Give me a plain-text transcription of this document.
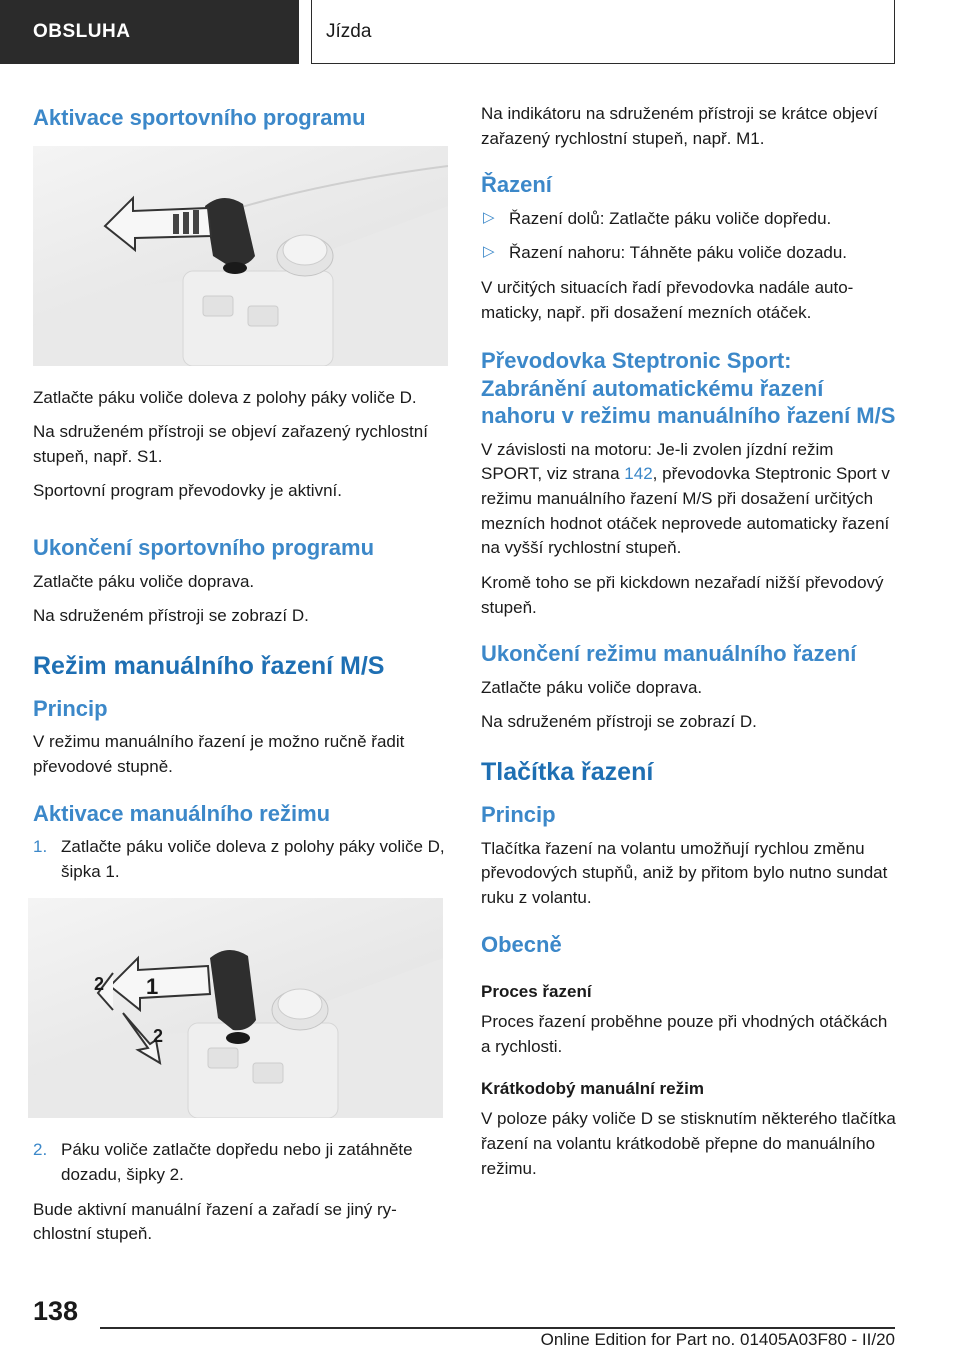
OBSLUHA	Jízda
Aktivace sportovního programu

Zatlačte páku voliče doleva z polohy páky voliče D.

Na sdruženém přístroji se objeví zařazený rychlostní stupeň, např. S1.

Sportovní program převodovky je aktivní.

Ukončení sportovního programu

Zatlačte páku voliče doprava.

Na sdruženém přístroji se zobrazí D.

Režim manuálního řazení M/S
Princip

V režimu manuálního řazení je možno ručně řadit převodové stupně.

Aktivace manuálního režimu
1. Zatlačte páku voliče doleva z polohy páky voliče D, šipka 1.
1
2
2
2. Páku voliče zatlačte dopředu nebo ji zatáhněte dozadu, šipky 2.

Bude aktivní manuální řazení a zařadí se jiný rychlostní stupeň.

Na indikátoru na sdruženém přístroji se krátce objeví zařazený rychlostní stupeň, např. M1.

Řazení
▷ Řazení dolů: Zatlačte páku voliče dopředu.
▷ Řazení nahoru: Táhněte páku voliče dozadu.

V určitých situacích řadí převodovka nadále automaticky, např. při dosažení mezních otáček.

Převodovka Steptronic Sport: Zabránění automatickému řazení nahoru v režimu manuálního řazení M/S

V závislosti na motoru: Je-li zvolen jízdní režim SPORT, viz strana 142, převodovka Steptronic Sport v režimu manuálního řazení M/S při dosažení určitých mezních hodnot otáček neprovede automaticky řazení na vyšší rychlostní stupeň.

Kromě toho se při kickdown nezařadí nižší převodový stupeň.

Ukončení režimu manuálního řazení

Zatlačte páku voliče doprava.

Na sdruženém přístroji se zobrazí D.

Tlačítka řazení
Princip

Tlačítka řazení na volantu umožňují rychlou změnu převodových stupňů, aniž by přitom bylo nutno sundat ruku z volantu.

Obecně
Proces řazení

Proces řazení proběhne pouze při vhodných otáčkách a rychlosti.

Krátkodobý manuální režim

V poloze páky voliče D se stisknutím některého tlačítka řazení na volantu krátkodobě přepne do manuálního režimu.

138
Online Edition for Part no. 01405A03F80 - II/20
